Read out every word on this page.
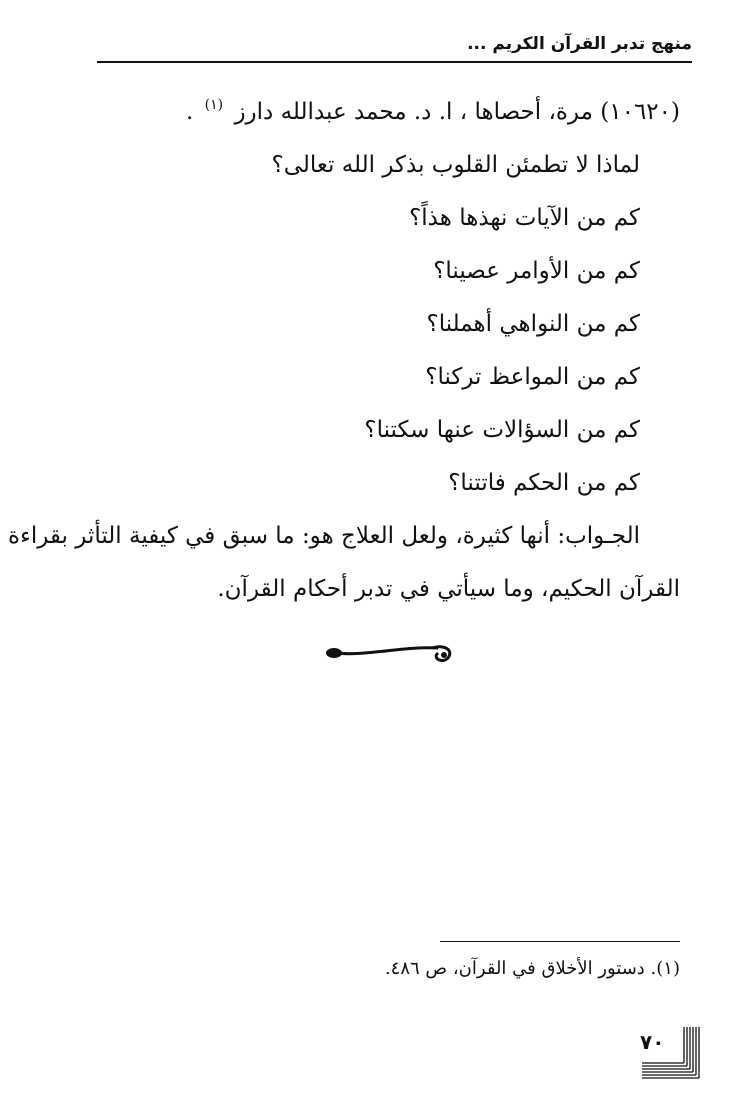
منهج تدبر القرآن الكريم ...
(١٠٦٢٠) مرة، أحصاها ، ا. د. محمد عبدالله دارز $^{(١)}$ .
لماذا لا تطمئن القلوب بذكر الله تعالى؟
كم من الآيات نهذها هذاً؟
كم من الأوامر عصينا؟
كم من النواهي أهملنا؟
كم من المواعظ تركنا؟
كم من السؤالات عنها سكتنا؟
كم من الحكم فاتتنا؟
الجـواب: أنها كثيرة، ولعل العلاج هو: ما سبق في كيفية التأثر بقراءة
القرآن الحكيم، وما سيأتي في تدبر أحكام القرآن.
(١). دستور الأخلاق في القرآن، ص ٤٨٦.
٧٠
